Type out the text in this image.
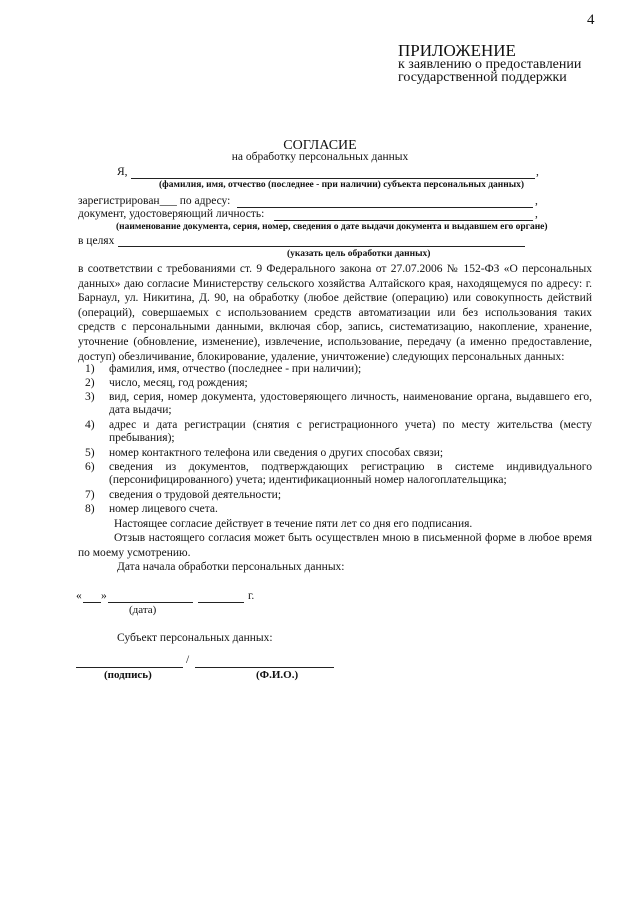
4
ПРИЛОЖЕНИЕ
к заявлению о предоставлении
государственной поддержки
СОГЛАСИЕ
на обработку персональных данных
Я,	,
(фамилия, имя, отчество (последнее - при наличии) субъекта персональных данных)
зарегистрирован___ по адресу:	,
документ, удостоверяющий личность:	,
(наименование документа, серия, номер, сведения о дате выдачи документа и выдавшем его органе)
в целях
(указать цель обработки данных)
в соответствии с требованиями ст. 9 Федерального закона от 27.07.2006 № 152-ФЗ «О персональных данных» даю согласие Министерству сельского хозяйства Алтайского края, находящемуся по адресу: г. Барнаул, ул. Никитина, Д. 90, на обработку (любое действие (операцию) или совокупность действий (операций), совершаемых с использованием средств автоматизации или без использования таких средств с персональными данными, включая сбор, запись, систематизацию, накопление, хранение, уточнение (обновление, изменение), извлечение, использование, передачу (а именно предоставление, доступ) обезличивание, блокирование, удаление, уничтожение) следующих персональных данных:
1)	фамилия, имя, отчество (последнее - при наличии);
2)	число, месяц, год рождения;
3)	вид, серия, номер документа, удостоверяющего личность, наименование органа, выдавшего его, дата выдачи;
4)	адрес и дата регистрации (снятия с регистрационного учета) по месту жительства (месту пребывания);
5)	номер контактного телефона или сведения о других способах связи;
6)	сведения из документов, подтверждающих регистрацию в системе индивидуального (персонифицированного) учета; идентификационный номер налогоплательщика;
7)	сведения о трудовой деятельности;
8)	номер лицевого счета.
Настоящее согласие действует в течение пяти лет со дня его подписания.
Отзыв настоящего согласия может быть осуществлен мною в письменной форме в любое время по моему усмотрению.
Дата начала обработки персональных данных:
« »	г.
(дата)
Субъект персональных данных:
/
(подпись)	(Ф.И.О.)
